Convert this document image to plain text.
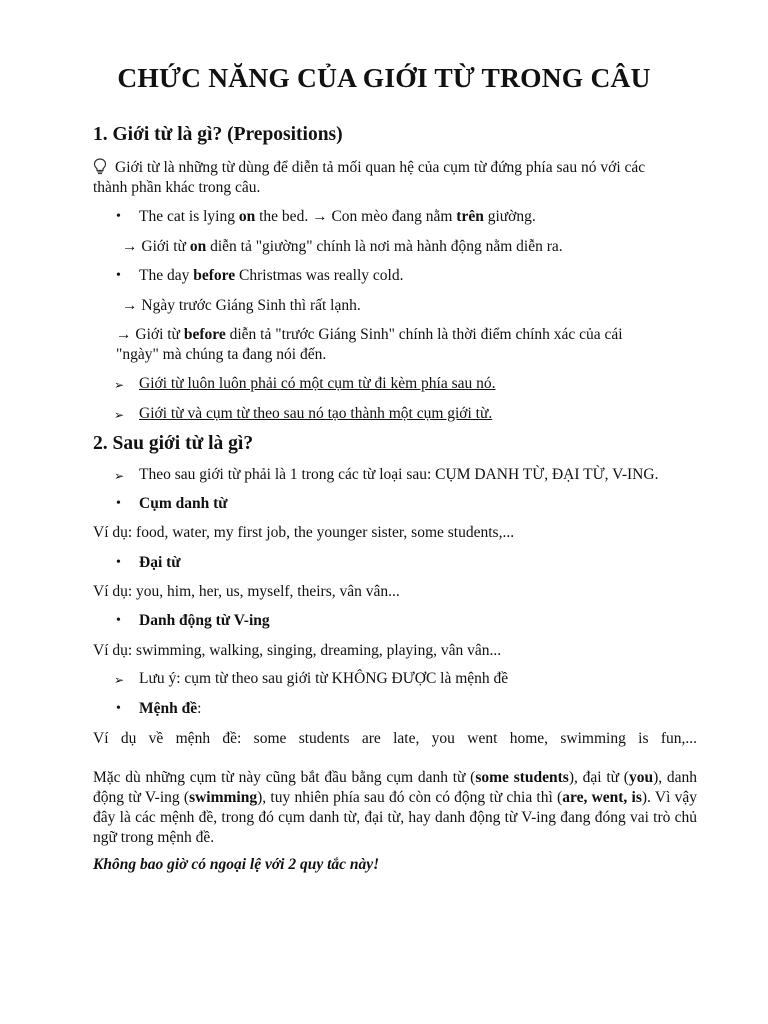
CHỨC NĂNG CỦA GIỚI TỪ TRONG CÂU
1. Giới từ là gì? (Prepositions)
Giới từ là những từ dùng để diễn tả mối quan hệ của cụm từ đứng phía sau nó với các
thành phần khác trong câu.
• The cat is lying on the bed. → Con mèo đang nằm trên giường.
→ Giới từ on diễn tả "giường" chính là nơi mà hành động nằm diễn ra.
• The day before Christmas was really cold.
→ Ngày trước Giáng Sinh thì rất lạnh.
→ Giới từ before diễn tả "trước Giáng Sinh" chính là thời điểm chính xác của cái
"ngày" mà chúng ta đang nói đến.
➢ Giới từ luôn luôn phải có một cụm từ đi kèm phía sau nó.
➢ Giới từ và cụm từ theo sau nó tạo thành một cụm giới từ.
2. Sau giới từ là gì?
➢ Theo sau giới từ phải là 1 trong các từ loại sau: CỤM DANH TỪ, ĐẠI TỪ, V-ING.
• Cụm danh từ
Ví dụ: food, water, my first job, the younger sister, some students,...
• Đại từ
Ví dụ: you, him, her, us, myself, theirs, vân vân...
• Danh động từ V-ing
Ví dụ: swimming, walking, singing, dreaming, playing, vân vân...
➢ Lưu ý: cụm từ theo sau giới từ KHÔNG ĐƯỢC là mệnh đề
• Mệnh đề:
Ví dụ về mệnh đề: some students are late, you went home, swimming is fun,...
Mặc dù những cụm từ này cũng bắt đầu bằng cụm danh từ (some students), đại từ (you), danh động từ V-ing (swimming), tuy nhiên phía sau đó còn có động từ chia thì (are, went, is). Vì vậy đây là các mệnh đề, trong đó cụm danh từ, đại từ, hay danh động từ V-ing đang đóng vai trò chủ ngữ trong mệnh đề.
Không bao giờ có ngoại lệ với 2 quy tắc này!
